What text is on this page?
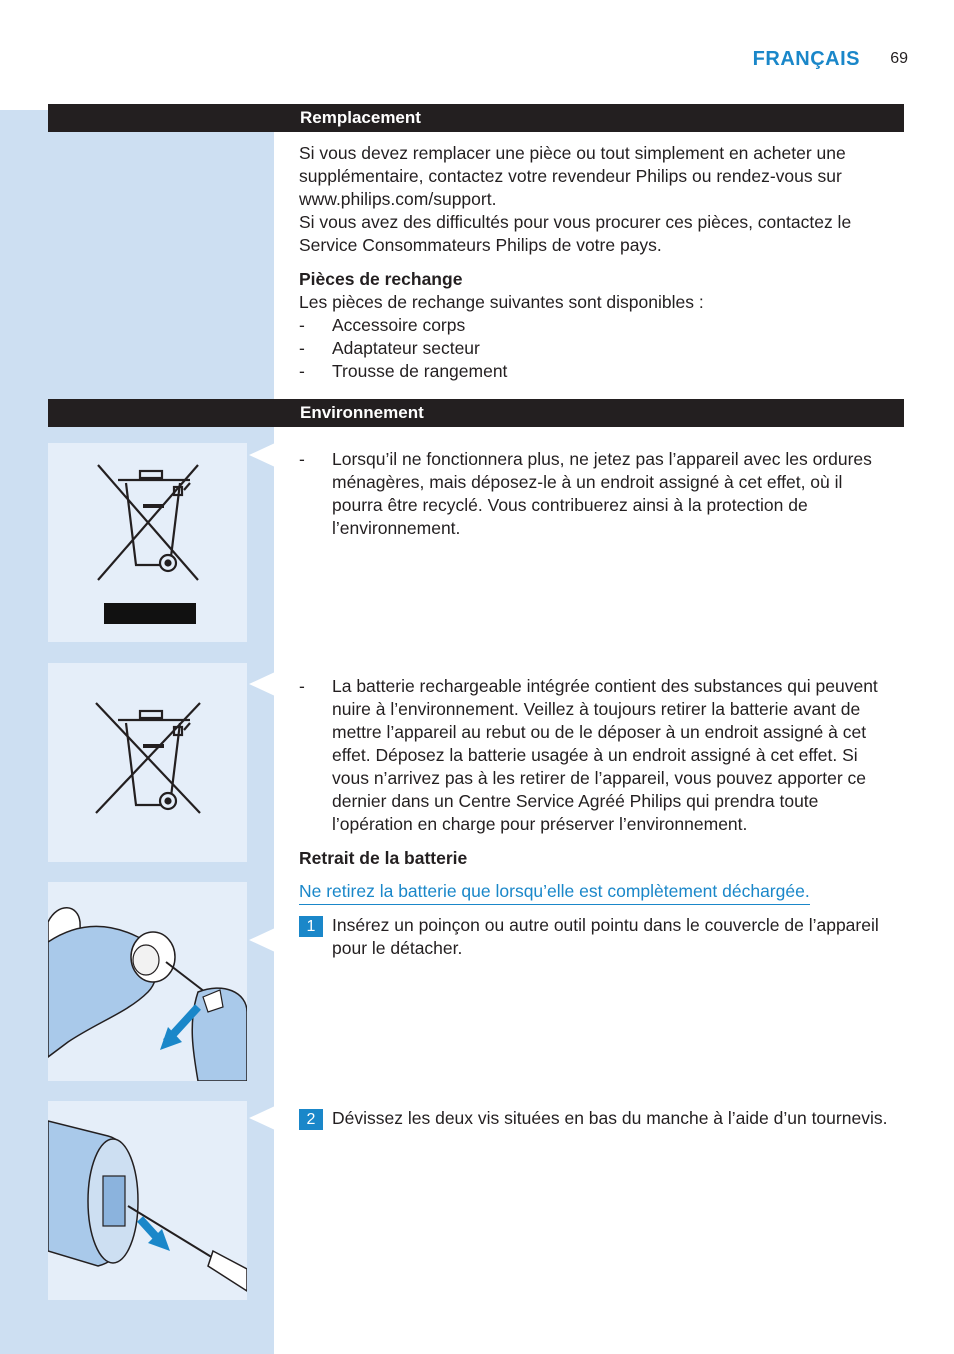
FRANÇAIS	69
Remplacement

Si vous devez remplacer une pièce ou tout simplement en acheter une supplémentaire, contactez votre revendeur Philips ou rendez-vous sur www.philips.com/support.

Si vous avez des difficultés pour vous procurer ces pièces, contactez le Service Consommateurs Philips de votre pays.

Pièces de rechange

Les pièces de rechange suivantes sont disponibles :

- Accessoire corps
- Adaptateur secteur
- Trousse de rangement
Environnement
- Lorsqu’il ne fonctionnera plus, ne jetez pas l’appareil avec les ordures ménagères, mais déposez-le à un endroit assigné à cet effet, où il pourra être recyclé. Vous contribuerez ainsi à la protection de l’environnement.
- La batterie rechargeable intégrée contient des substances qui peuvent nuire à l’environnement. Veillez à toujours retirer la batterie avant de mettre l’appareil au rebut ou de le déposer à un endroit assigné à cet effet. Déposez la batterie usagée à un endroit assigné à cet effet. Si vous n’arrivez pas à les retirer de l’appareil, vous pouvez apporter ce dernier dans un Centre Service Agréé Philips qui prendra toute l’opération en charge pour préserver l’environnement.

Retrait de la batterie

Ne retirez la batterie que lorsqu’elle est complètement déchargée.
1 Insérez un poinçon ou autre outil pointu dans le couvercle de l’appareil pour le détacher.
2 Dévissez les deux vis situées en bas du manche à l’aide d’un tournevis.
